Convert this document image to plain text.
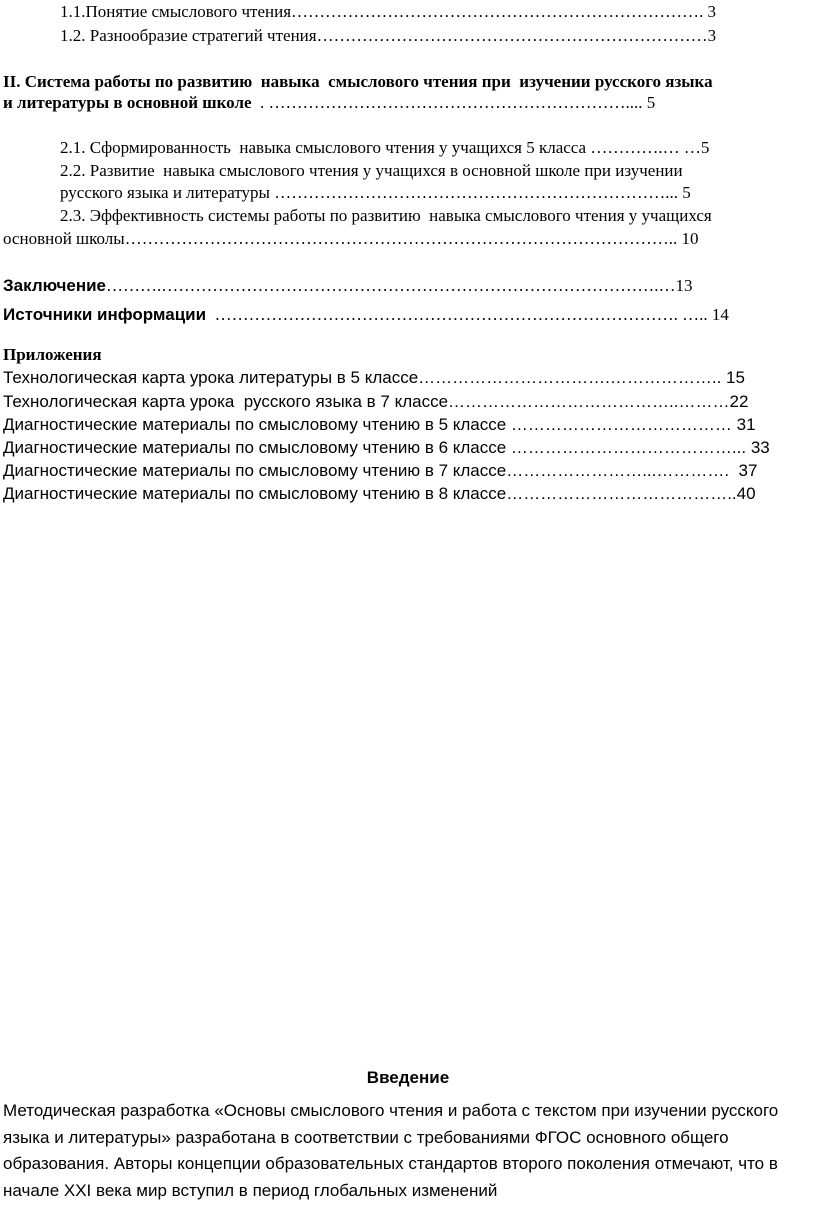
1.1.Понятие смыслового чтения………………………………………………………………. 3
1.2. Разнообразие стратегий чтения……………………………………………………………3
II. Система работы по развитию  навыка  смыслового чтения при  изучении русского языка
и литературы в основной школе  . ……………………………………………………….... 5
2.1. Сформированность  навыка смыслового чтения у учащихся 5 класса ………….… …5
2.2. Развитие  навыка смыслового чтения у учащихся в основной школе при изучении
русского языка и литературы ……………………………………………………………... 5
2.3. Эффективность системы работы по развитию  навыка смыслового чтения у учащихся
основной школы…………………………………………………………………………………….. 10
Заключение……….…………………………………………………………………………….…13
Источники информации  ………………………………………………………………………. ….. 14
Приложения
Технологическая карта урока литературы в 5 классе…………………………….……………….. 15
Технологическая карта урока  русского языка в 7 классе…………………………………..………22
Диагностические материалы по смысловому чтению в 5 классе ………………………………… 31
Диагностические материалы по смысловому чтению в 6 классе …………………………………... 33
Диагностические материалы по смысловому чтению в 7 классе……………………...………….  37
Диагностические материалы по смысловому чтению в 8 классе…………………………………..40
Введение
Методическая разработка «Основы смыслового чтения и работа с текстом при изучении русского языка и литературы» разработана в соответствии с требованиями ФГОС основного общего образования. Авторы концепции образовательных стандартов второго поколения отмечают, что в начале XXI века мир вступил в период глобальных изменений
